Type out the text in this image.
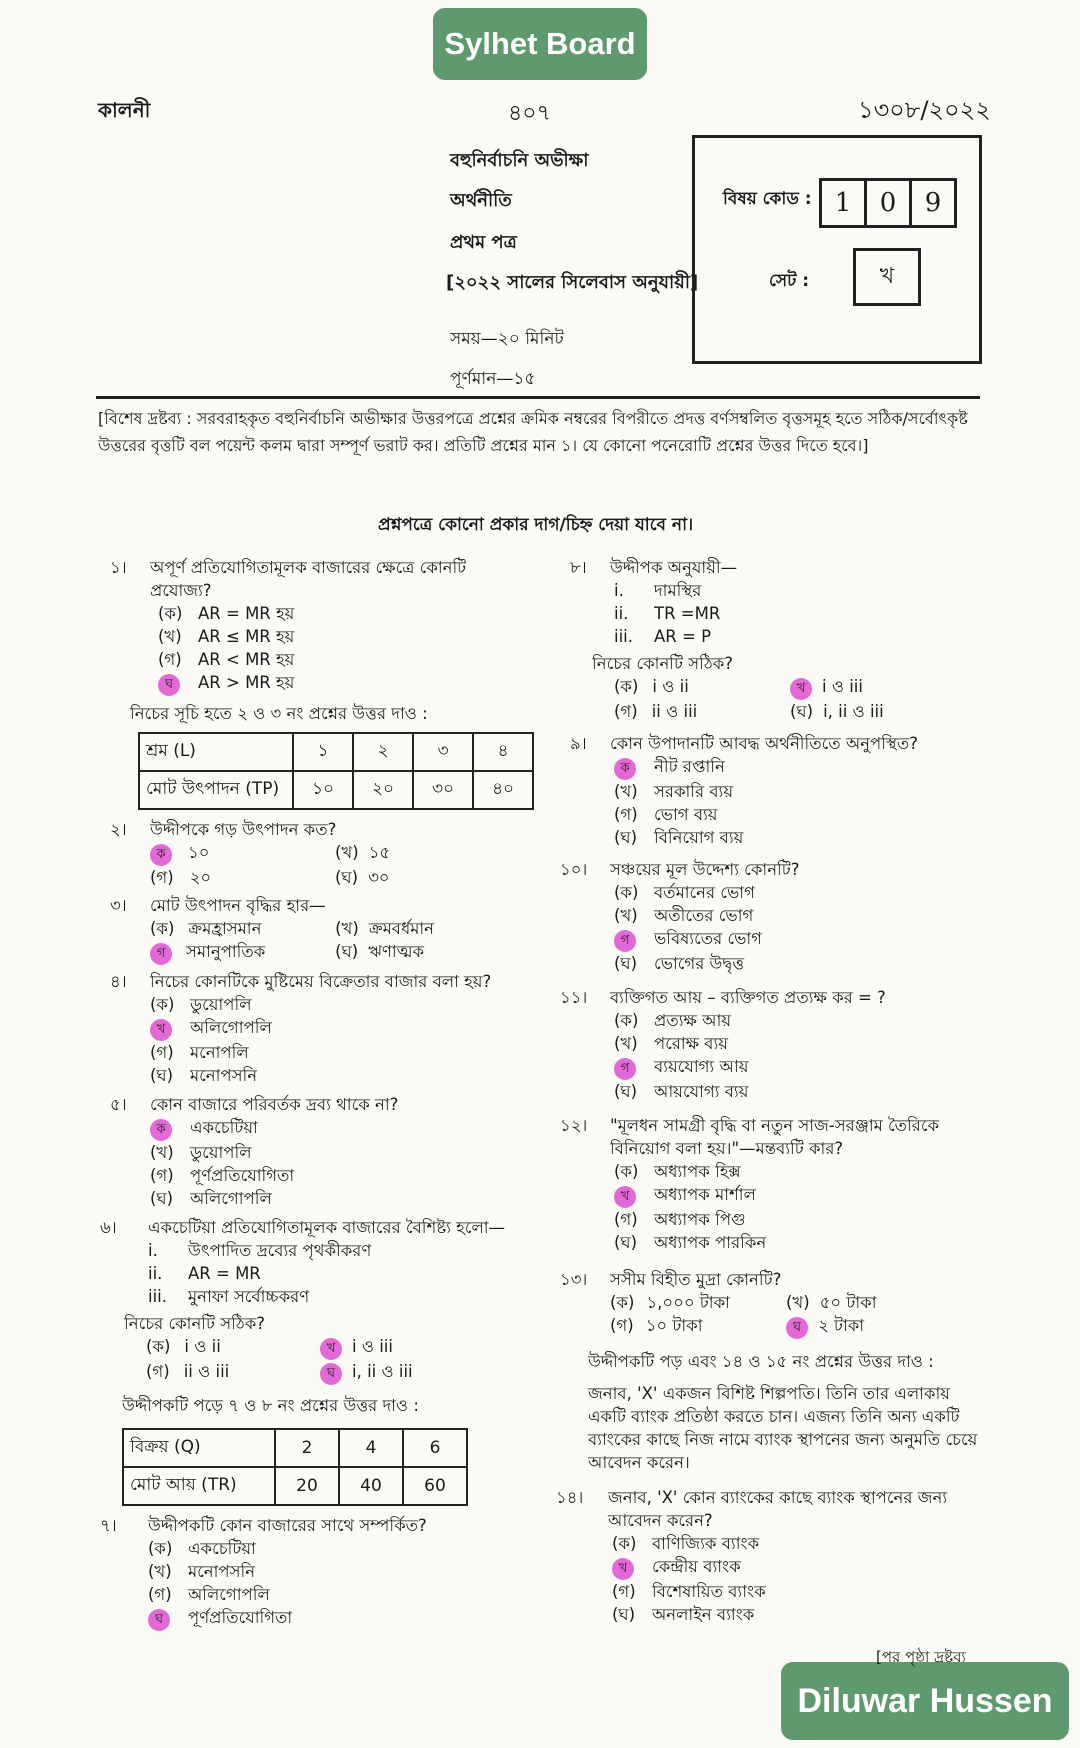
Sylhet Board
Diluwar Hussen
কালনী	৪০৭	১৩০৮/২০২২
বহুনির্বাচনি অভীক্ষা
অর্থনীতি
প্রথম পত্র
[২০২২ সালের সিলেবাস অনুযায়ী]
সময়—২০ মিনিট
পূর্ণমান—১৫
বিষয় কোড : 1	0	9
সেট :	খ
[বিশেষ দ্রষ্টব্য : সরবরাহকৃত বহুনির্বাচনি অভীক্ষার উত্তরপত্রে প্রশ্নের ক্রমিক নম্বরের বিপরীতে প্রদত্ত বর্ণসম্বলিত বৃত্তসমূহ হতে সঠিক/সর্বোৎকৃষ্ট উত্তরের বৃত্তটি বল পয়েন্ট কলম দ্বারা সম্পূর্ণ ভরাট কর। প্রতিটি প্রশ্নের মান ১। যে কোনো পনেরোটি প্রশ্নের উত্তর দিতে হবে।]
প্রশ্নপত্রে কোনো প্রকার দাগ/চিহ্ন দেয়া যাবে না।
১। অপূর্ণ প্রতিযোগিতামূলক বাজারের ক্ষেত্রে কোনটি প্রযোজ্য?
(ক) AR = MR হয়
(খ) AR ≤ MR হয়
(গ) AR < MR হয়
ঘ	AR > MR হয়
নিচের সূচি হতে ২ ও ৩ নং প্রশ্নের উত্তর দাও :
শ্রম (L)	১	২	৩	৪
মোট উৎপাদন (TP)	১০	২০	৩০	৪০
২। উদ্দীপকে গড় উৎপাদন কত?
ক ১০	(খ) ১৫
(গ) ২০	(ঘ) ৩০
৩। মোট উৎপাদন বৃদ্ধির হার—
(ক) ক্রমহ্রাসমান	(খ) ক্রমবর্ধমান
গ সমানুপাতিক	(ঘ) ঋণাত্মক
৪। নিচের কোনটিকে মুষ্টিমেয় বিক্রেতার বাজার বলা হয়?
(ক) ডুয়োপলি
খ	অলিগোপলি
(গ) মনোপলি
(ঘ)	মনোপসনি
৫। কোন বাজারে পরিবর্তক দ্রব্য থাকে না?
ক	একচেটিয়া
(খ) ডুয়োপলি
(গ) পূর্ণপ্রতিযোগিতা
(ঘ)	অলিগোপলি
৬। একচেটিয়া প্রতিযোগিতামূলক বাজারের বৈশিষ্ট্য হলো—
i.	উৎপাদিত দ্রব্যের পৃথকীকরণ
ii.	AR = MR
iii.	মুনাফা সর্বোচ্চকরণ
নিচের কোনটি সঠিক?
(ক) i ও ii	খ i ও iii
(গ) ii ও iii	ঘ i, ii ও iii
উদ্দীপকটি পড়ে ৭ ও ৮ নং প্রশ্নের উত্তর দাও :
বিক্রয় (Q)	2	4	6
মোট আয় (TR)	20	40	60
৭। উদ্দীপকটি কোন বাজারের সাথে সম্পর্কিত?
(ক) একচেটিয়া
(খ) মনোপসনি
(গ) অলিগোপলি
ঘ	পূর্ণপ্রতিযোগিতা
৮। উদ্দীপক অনুযায়ী—
i.	দামস্থির
ii.	TR =MR
iii.	AR = P
নিচের কোনটি সঠিক?
(ক) i ও ii	খ i ও iii
(গ) ii ও iii	(ঘ) i, ii ও iii
৯। কোন উপাদানটি আবদ্ধ অর্থনীতিতে অনুপস্থিত?
ক	নীট রপ্তানি
(খ) সরকারি ব্যয়
(গ) ভোগ ব্যয়
(ঘ)	বিনিয়োগ ব্যয়
১০। সঞ্চয়ের মূল উদ্দেশ্য কোনটি?
(ক) বর্তমানের ভোগ
(খ) অতীতের ভোগ
গ	ভবিষ্যতের ভোগ
(ঘ)	ভোগের উদ্বৃত্ত
১১। ব্যক্তিগত আয় – ব্যক্তিগত প্রত্যক্ষ কর = ?
(ক) প্রত্যক্ষ আয়
(খ) পরোক্ষ ব্যয়
গ	ব্যয়যোগ্য আয়
(ঘ)	আয়যোগ্য ব্যয়
১২। "মূলধন সামগ্রী বৃদ্ধি বা নতুন সাজ-সরঞ্জাম তৈরিকে বিনিয়োগ বলা হয়।"—মন্তব্যটি কার?
(ক) অধ্যাপক হিক্স
খ	অধ্যাপক মার্শাল
(গ) অধ্যাপক পিগু
(ঘ)	অধ্যাপক পারকিন
১৩। সসীম বিহীত মুদ্রা কোনটি?
(ক) ১,০০০ টাকা	(খ) ৫০ টাকা
(গ) ১০ টাকা	ঘ ২ টাকা
উদ্দীপকটি পড় এবং ১৪ ও ১৫ নং প্রশ্নের উত্তর দাও :
জনাব, 'X' একজন বিশিষ্ট শিল্পপতি। তিনি তার এলাকায় একটি ব্যাংক প্রতিষ্ঠা করতে চান। এজন্য তিনি অন্য একটি ব্যাংকের কাছে নিজ নামে ব্যাংক স্থাপনের জন্য অনুমতি চেয়ে আবেদন করেন।
১৪। জনাব, 'X' কোন ব্যাংকের কাছে ব্যাংক স্থাপনের জন্য আবেদন করেন?
(ক) বাণিজ্যিক ব্যাংক
খ	কেন্দ্রীয় ব্যাংক
(গ) বিশেষায়িত ব্যাংক
(ঘ)	অনলাইন ব্যাংক
[পর পৃষ্ঠা দ্রষ্টব্য
